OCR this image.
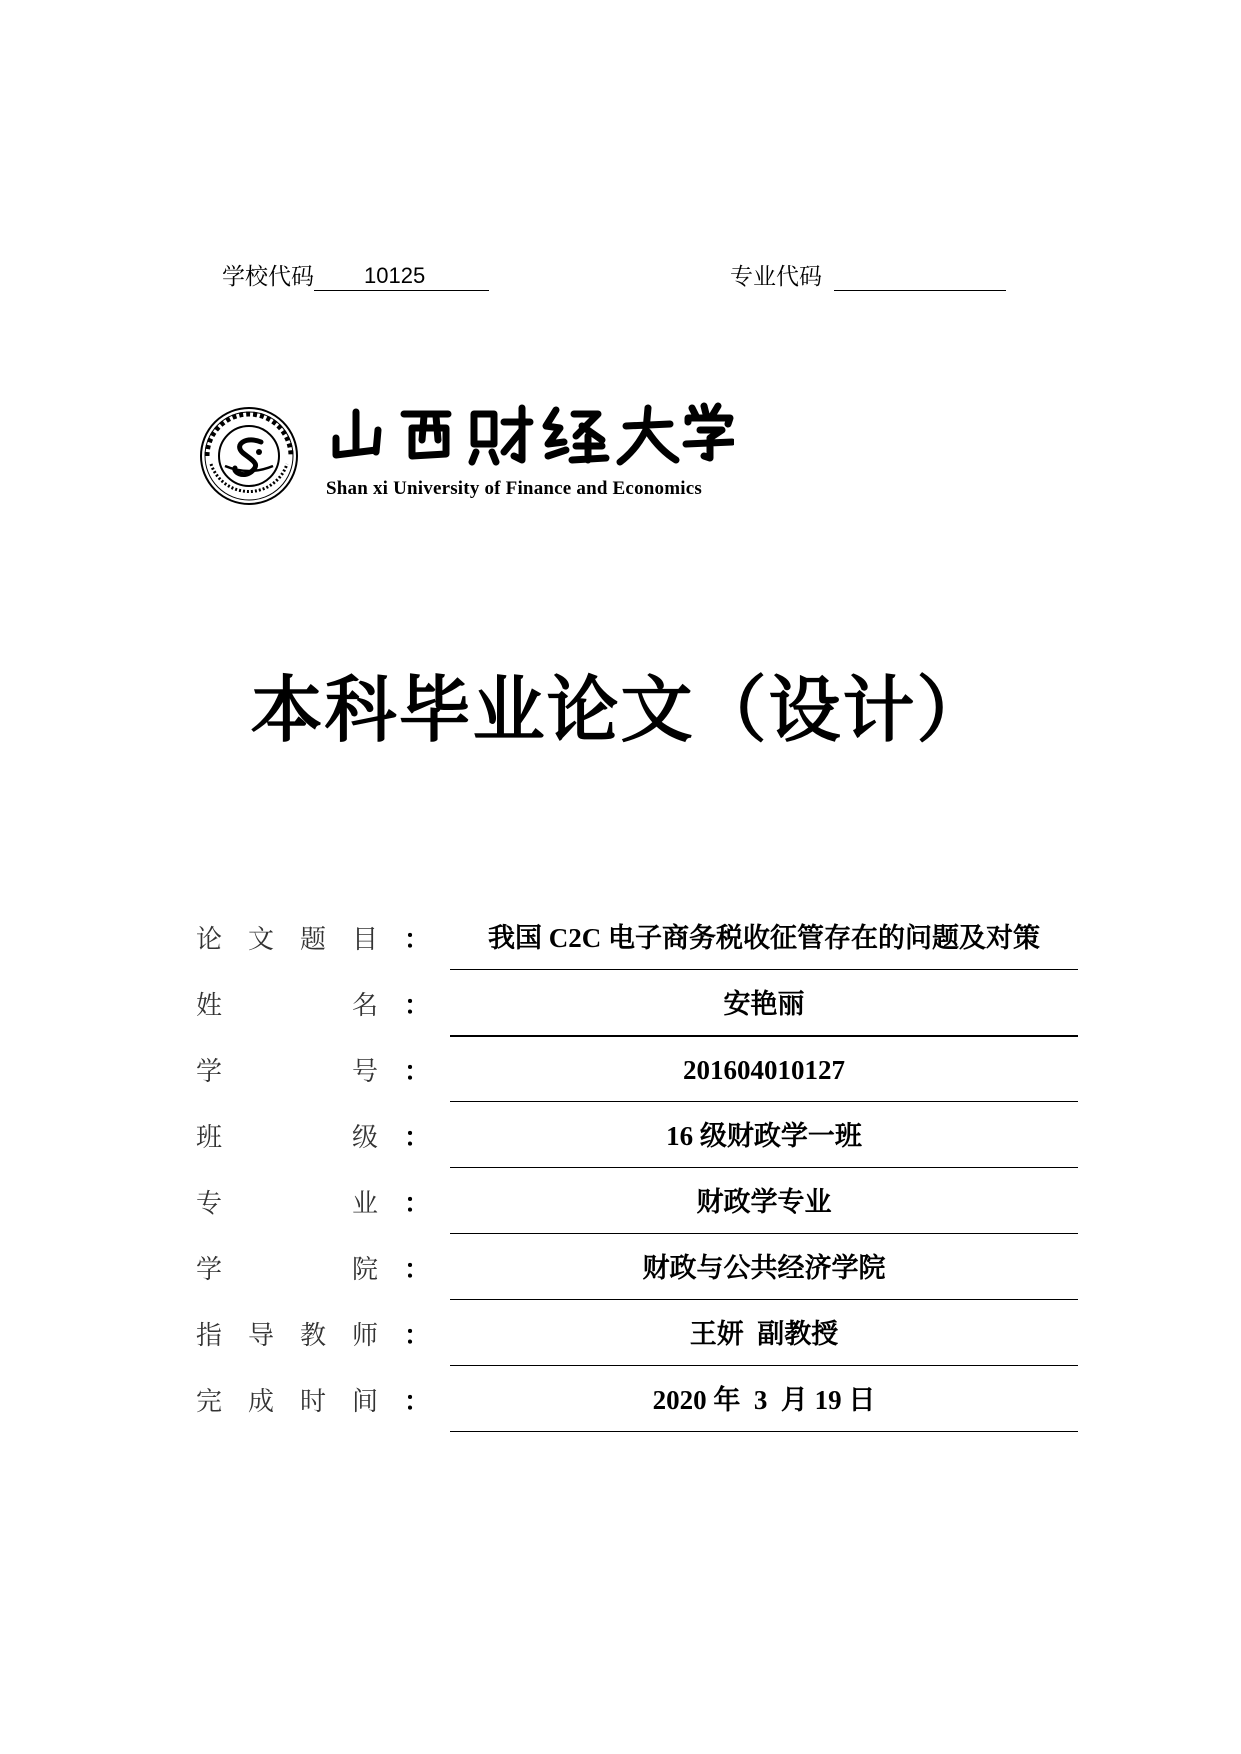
学校代码 10125	专业代码
Shan xi University of Finance and Economics
本科毕业论文（设计）
论 文 题 目 ：	我国 C2C 电子商务税收征管存在的问题及对策
姓	名 ：	安艳丽
学	号 ：	201604010127
班	级 ：	16 级财政学一班
专	业 ：	财政学专业
学	院 ：	财政与公共经济学院
指 导 教 师 ：	王妍  副教授
完 成 时 间 ：	2020 年  3  月 19 日
